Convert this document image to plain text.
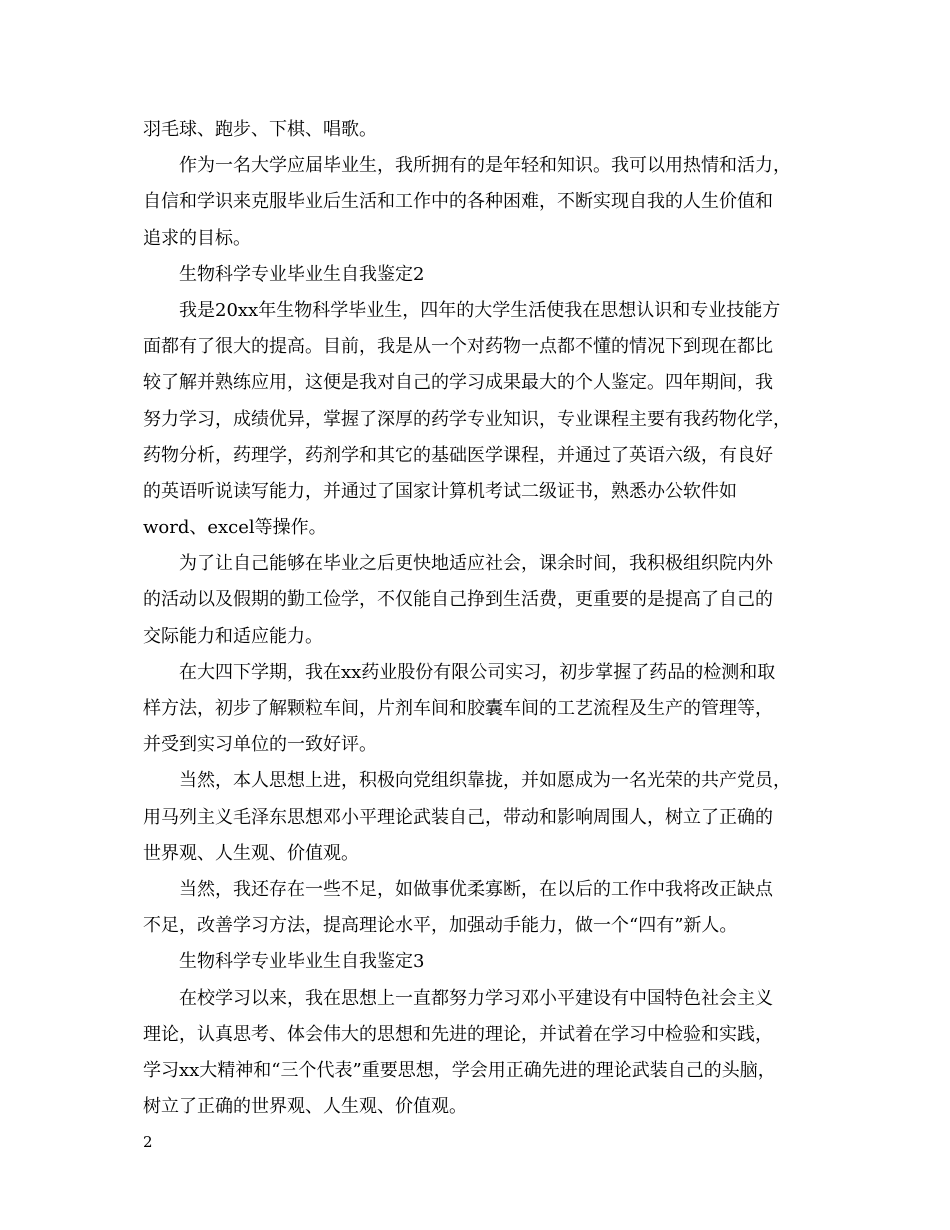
羽毛球、跑步、下棋、唱歌。
作为一名大学应届毕业生，我所拥有的是年轻和知识。我可以用热情和活力，
自信和学识来克服毕业后生活和工作中的各种困难，不断实现自我的人生价值和
追求的目标。
生物科学专业毕业生自我鉴定2
我是20xx年生物科学毕业生，四年的大学生活使我在思想认识和专业技能方
面都有了很大的提高。目前，我是从一个对药物一点都不懂的情况下到现在都比
较了解并熟练应用，这便是我对自己的学习成果最大的个人鉴定。四年期间，我
努力学习，成绩优异，掌握了深厚的药学专业知识，专业课程主要有我药物化学，
药物分析，药理学，药剂学和其它的基础医学课程，并通过了英语六级，有良好
的英语听说读写能力，并通过了国家计算机考试二级证书，熟悉办公软件如
word、excel等操作。
为了让自己能够在毕业之后更快地适应社会，课余时间，我积极组织院内外
的活动以及假期的勤工俭学，不仅能自己挣到生活费，更重要的是提高了自己的
交际能力和适应能力。
在大四下学期，我在xx药业股份有限公司实习，初步掌握了药品的检测和取
样方法，初步了解颗粒车间，片剂车间和胶囊车间的工艺流程及生产的管理等，
并受到实习单位的一致好评。
当然，本人思想上进，积极向党组织靠拢，并如愿成为一名光荣的共产党员，
用马列主义毛泽东思想邓小平理论武装自己，带动和影响周围人，树立了正确的
世界观、人生观、价值观。
当然，我还存在一些不足，如做事优柔寡断，在以后的工作中我将改正缺点
不足，改善学习方法，提高理论水平，加强动手能力，做一个“四有”新人。
生物科学专业毕业生自我鉴定3
在校学习以来，我在思想上一直都努力学习邓小平建设有中国特色社会主义
理论，认真思考、体会伟大的思想和先进的理论，并试着在学习中检验和实践，
学习xx大精神和“三个代表”重要思想，学会用正确先进的理论武装自己的头脑，
树立了正确的世界观、人生观、价值观。
2
